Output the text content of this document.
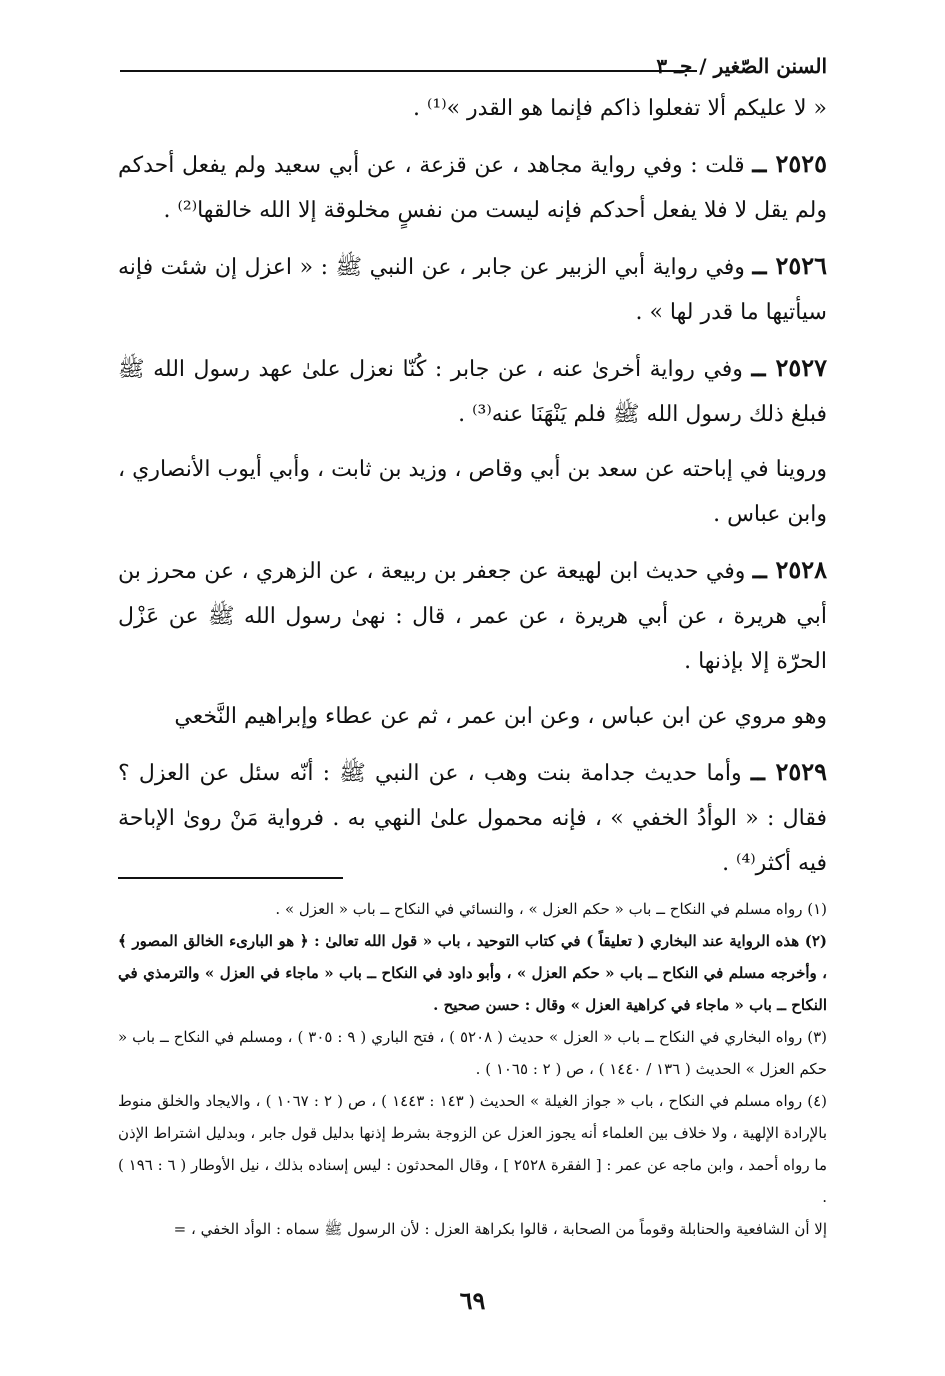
السنن الصّغير / جـ ٣

« لا عليكم ألا تفعلوا ذاكم فإنما هو القدر »⁽¹⁾ .

٢٥٢٥ ــ قلت : وفي رواية مجاهد ، عن قزعة ، عن أبي سعيد ولم يفعل أحدكم ولم يقل لا فلا يفعل أحدكم فإنه ليست من نفسٍ مخلوقة إلا الله خالقها⁽²⁾ .

٢٥٢٦ ــ وفي رواية أبي الزبير عن جابر ، عن النبي ﷺ : « اعزل إن شئت فإنه سيأتيها ما قدر لها » .

٢٥٢٧ ــ وفي رواية أخرىٰ عنه ، عن جابر : كُنّا نعزل علىٰ عهد رسول الله ﷺ فبلغ ذلك رسول الله ﷺ فلم يَنْهَنَا عنه⁽³⁾ .

وروينا في إباحته عن سعد بن أبي وقاص ، وزيد بن ثابت ، وأبي أيوب الأنصاري ، وابن عباس .

٢٥٢٨ ــ وفي حديث ابن لهيعة عن جعفر بن ربيعة ، عن الزهري ، عن محرز بن أبي هريرة ، عن أبي هريرة ، عن عمر ، قال : نهىٰ رسول الله ﷺ عن عَزْل الحرّة إلا بإذنها .

وهو مروي عن ابن عباس ، وعن ابن عمر ، ثم عن عطاء وإبراهيم النَّخعي

٢٥٢٩ ــ وأما حديث جدامة بنت وهب ، عن النبي ﷺ : أنّه سئل عن العزل ؟ فقال : « الوأدُ الخفي » ، فإنه محمول علىٰ النهي به . فرواية مَنْ روىٰ الإباحة فيه أكثر⁽⁴⁾ .

(١) رواه مسلم في النكاح ــ باب « حكم العزل » ، والنسائي في النكاح ــ باب « العزل » .

(٢) هذه الرواية عند البخاري ( تعليقاً ) في كتاب التوحيد ، باب « قول الله تعالىٰ : ﴿ هو البارىء الخالق المصور ﴾ ، وأخرجه مسلم في النكاح ــ باب « حكم العزل » ، وأبو داود في النكاح ــ باب « ماجاء في العزل » والترمذي في النكاح ــ باب « ماجاء في كراهية العزل » وقال : حسن صحيح .

(٣) رواه البخاري في النكاح ــ باب « العزل » حديث ( ٥٢٠٨ ) ، فتح الباري ( ٩ : ٣٠٥ ) ، ومسلم في النكاح ــ باب « حكم العزل » الحديث ( ١٣٦ / ١٤٤٠ ) ، ص ( ٢ : ١٠٦٥ ) .

(٤) رواه مسلم في النكاح ، باب « جواز الغيلة » الحديث ( ١٤٣ : ١٤٤٣ ) ، ص ( ٢ : ١٠٦٧ ) ، والايجاد والخلق منوط بالإرادة الإلهية ، ولا خلاف بين العلماء أنه يجوز العزل عن الزوجة بشرط إذنها بدليل قول جابر ، وبدليل اشتراط الإذن ما رواه أحمد ، وابن ماجه عن عمر : [ الفقرة ٢٥٢٨ ] ، وقال المحدثون : ليس إسناده بذلك ، نيل الأوطار ( ٦ : ١٩٦ ) .

إلا أن الشافعية والحنابلة وقوماً من الصحابة ، قالوا بكراهة العزل : لأن الرسول ﷺ سماه : الوأد الخفي ، =

٦٩
